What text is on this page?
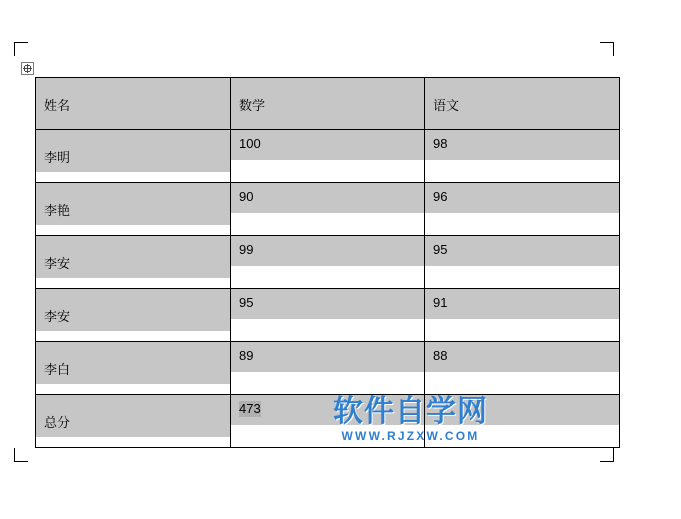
姓名	数学	语文

李明	100	98

李艳	90	96

李安	99	95

李安	95	91

李白	89	88

总分	473	
	软件自学网
WWW.RJZXW.COM
